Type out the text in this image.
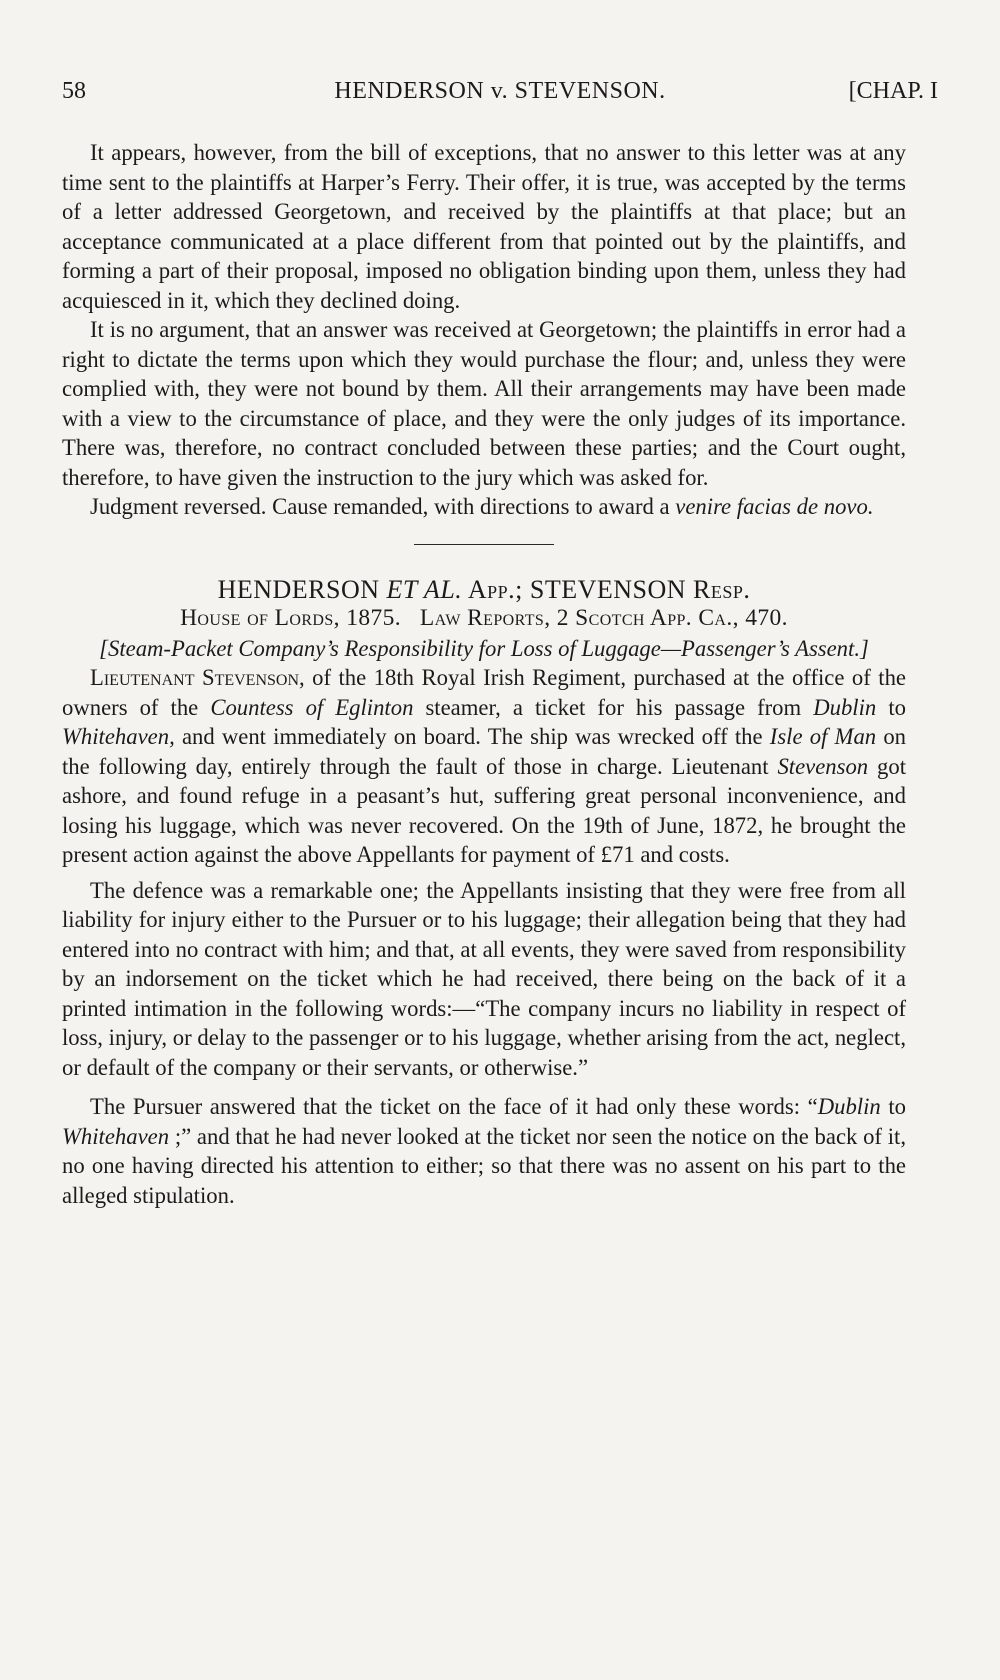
58	HENDERSON v. STEVENSON.	[CHAP. I

It appears, however, from the bill of exceptions, that no answer to this letter was at any time sent to the plaintiffs at Harper’s Ferry. Their offer, it is true, was accepted by the terms of a letter addressed Georgetown, and received by the plaintiffs at that place; but an acceptance communicated at a place different from that pointed out by the plaintiffs, and forming a part of their proposal, imposed no obligation binding upon them, unless they had acquiesced in it, which they declined doing.

It is no argument, that an answer was received at Georgetown; the plaintiffs in error had a right to dictate the terms upon which they would purchase the flour; and, unless they were complied with, they were not bound by them. All their arrangements may have been made with a view to the circumstance of place, and they were the only judges of its importance. There was, therefore, no contract concluded between these parties; and the Court ought, therefore, to have given the instruction to the jury which was asked for.

Judgment reversed. Cause remanded, with directions to award a venire facias de novo.

HENDERSON ET AL. App.; STEVENSON Resp.

House of Lords, 1875.   Law Reports, 2 Scotch App. Ca., 470.

[Steam-Packet Company’s Responsibility for Loss of Luggage—Passenger’s Assent.]

Lieutenant Stevenson, of the 18th Royal Irish Regiment, purchased at the office of the owners of the Countess of Eglinton steamer, a ticket for his passage from Dublin to Whitehaven, and went immediately on board. The ship was wrecked off the Isle of Man on the following day, entirely through the fault of those in charge. Lieutenant Stevenson got ashore, and found refuge in a peasant’s hut, suffering great personal inconvenience, and losing his luggage, which was never recovered. On the 19th of June, 1872, he brought the present action against the above Appellants for payment of £71 and costs.

The defence was a remarkable one; the Appellants insisting that they were free from all liability for injury either to the Pursuer or to his luggage; their allegation being that they had entered into no contract with him; and that, at all events, they were saved from responsibility by an indorsement on the ticket which he had received, there being on the back of it a printed intimation in the following words:—“The company incurs no liability in respect of loss, injury, or delay to the passenger or to his luggage, whether arising from the act, neglect, or default of the company or their servants, or otherwise.”

The Pursuer answered that the ticket on the face of it had only these words: “Dublin to Whitehaven ;” and that he had never looked at the ticket nor seen the notice on the back of it, no one having directed his attention to either; so that there was no assent on his part to the alleged stipulation.
